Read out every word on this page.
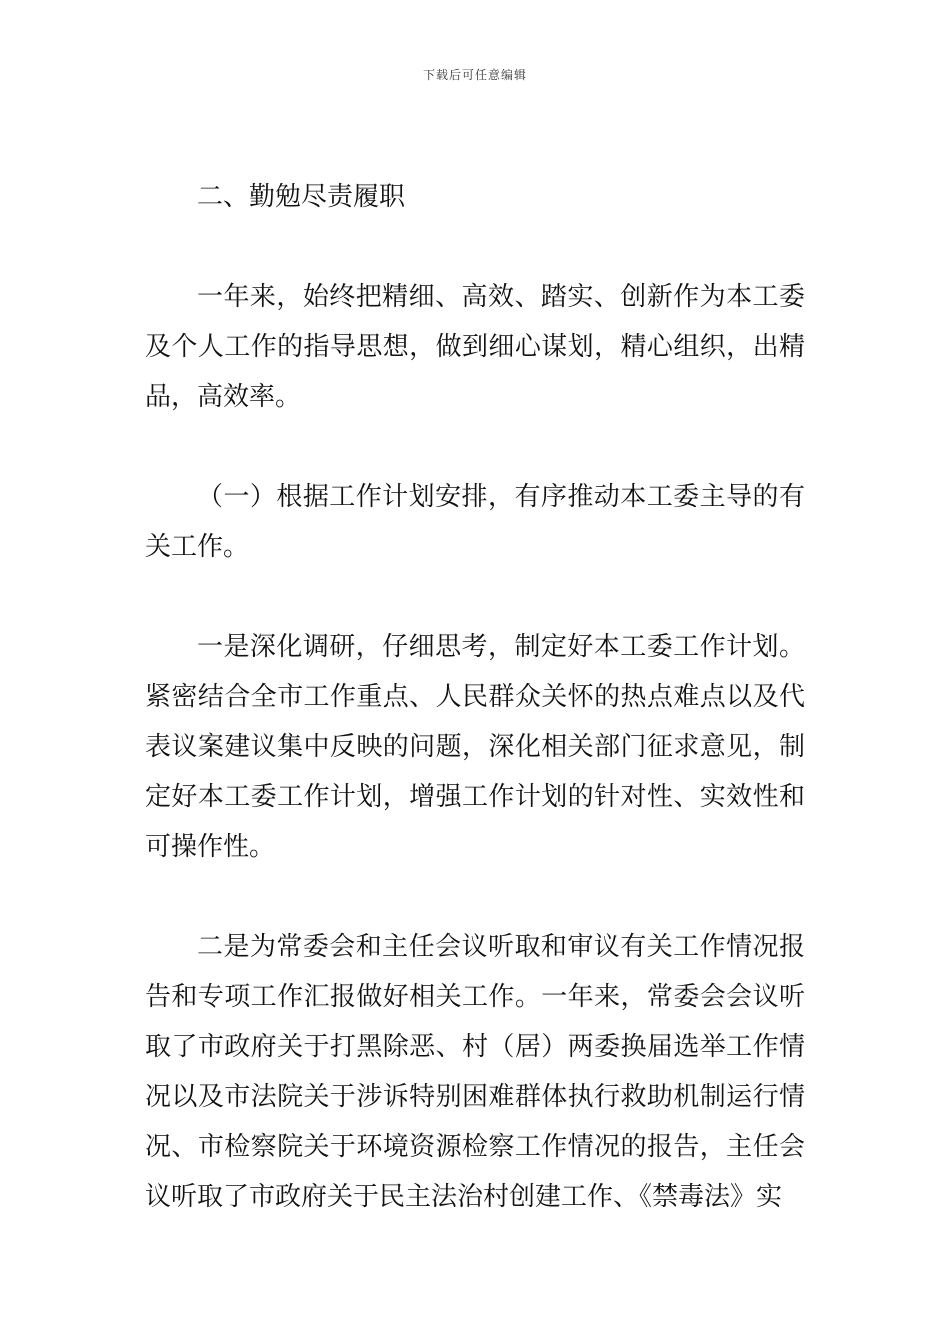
下载后可任意编辑

二、勤勉尽责履职

一年来，始终把精细、高效、踏实、创新作为本工委及个人工作的指导思想，做到细心谋划，精心组织，出精品，高效率。

（一）根据工作计划安排，有序推动本工委主导的有关工作。

一是深化调研，仔细思考，制定好本工委工作计划。紧密结合全市工作重点、人民群众关怀的热点难点以及代表议案建议集中反映的问题，深化相关部门征求意见，制定好本工委工作计划，增强工作计划的针对性、实效性和可操作性。

二是为常委会和主任会议听取和审议有关工作情况报告和专项工作汇报做好相关工作。一年来，常委会会议听取了市政府关于打黑除恶、村（居）两委换届选举工作情况以及市法院关于涉诉特别困难群体执行救助机制运行情况、市检察院关于环境资源检察工作情况的报告，主任会议听取了市政府关于民主法治村创建工作、《禁毒法》实
